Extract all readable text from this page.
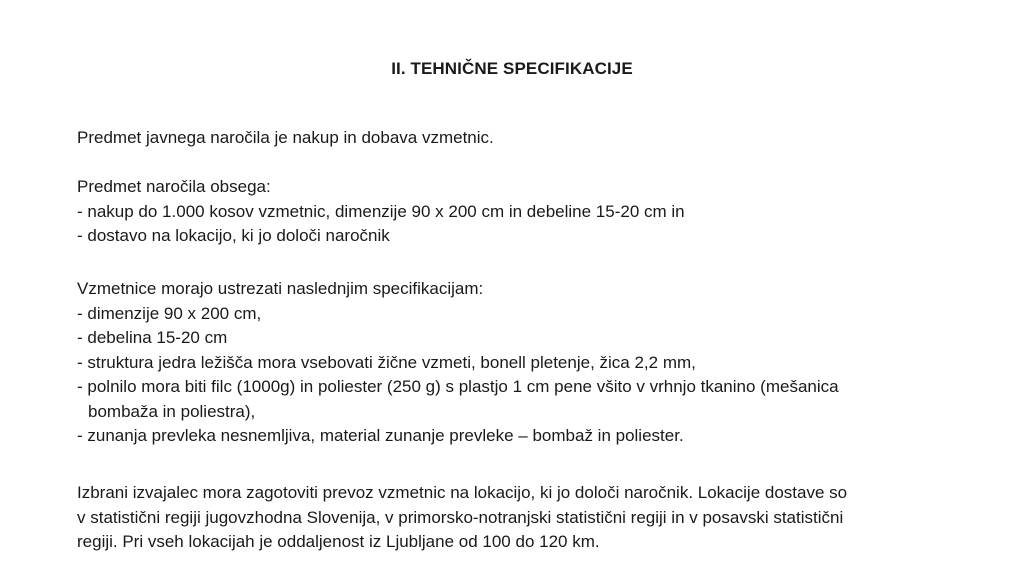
II. TEHNIČNE SPECIFIKACIJE
Predmet javnega naročila je nakup in dobava vzmetnic.
Predmet naročila obsega:
- nakup do 1.000 kosov vzmetnic, dimenzije 90 x 200 cm in debeline 15-20 cm in
- dostavo na lokacijo, ki jo določi naročnik
Vzmetnice morajo ustrezati naslednjim specifikacijam:
- dimenzije 90 x 200 cm,
- debelina 15-20 cm
- struktura jedra ležišča mora vsebovati žične vzmeti, bonell pletenje, žica 2,2 mm,
- polnilo mora biti filc (1000g) in poliester (250 g) s plastjo 1 cm pene všito v vrhnjo tkanino (mešanica
bombaža in poliestra),
- zunanja prevleka nesnemljiva, material zunanje prevleke – bombaž in poliester.
Izbrani izvajalec mora zagotoviti prevoz vzmetnic na lokacijo, ki jo določi naročnik. Lokacije dostave so
v statistični regiji jugovzhodna Slovenija, v primorsko-notranjski statistični regiji in v posavski statistični
regiji. Pri vseh lokacijah je oddaljenost iz Ljubljane od 100 do 120 km.
